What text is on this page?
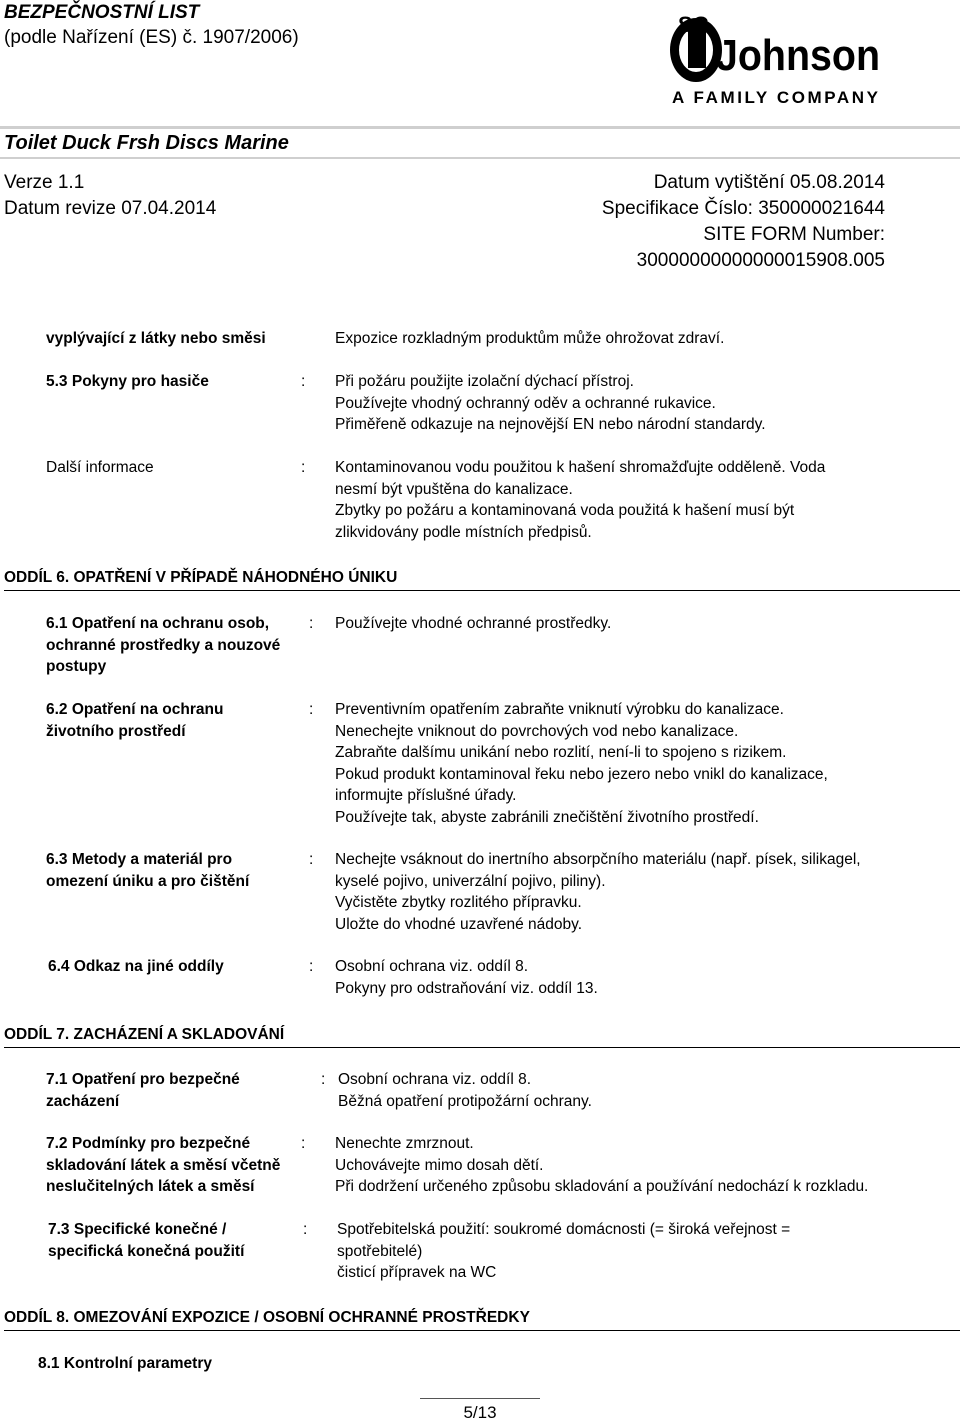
BEZPEČNOSTNÍ LIST
(podle Nařízení (ES) č. 1907/2006)
SC
Johnson
A FAMILY COMPANY
Toilet Duck Frsh Discs Marine
Verze 1.1
Datum revize 07.04.2014
Datum vytištění 05.08.2014
Specifikace Číslo: 350000021644
SITE FORM Number:
30000000000000015908.005
vyplývající z látky nebo směsi	Expozice rozkladným produktům může ohrožovat zdraví.
5.3 Pokyny pro hasiče	: Při požáru použijte izolační dýchací přístroj.
Používejte vhodný ochranný oděv a ochranné rukavice.
Přiměřeně odkazuje na nejnovější EN nebo národní standardy.
Další informace	: Kontaminovanou vodu použitou k hašení shromažďujte odděleně. Voda
nesmí být vpuštěna do kanalizace.
Zbytky po požáru a kontaminovaná voda použitá k hašení musí být
zlikvidovány podle místních předpisů.
ODDÍL 6. OPATŘENÍ V PŘÍPADĚ NÁHODNÉHO ÚNIKU
6.1 Opatření na ochranu osob,
ochranné prostředky a nouzové
postupy
: Používejte vhodné ochranné prostředky.
6.2 Opatření na ochranu
životního prostředí
: Preventivním opatřením zabraňte vniknutí výrobku do kanalizace.
Nenechejte vniknout do povrchových vod nebo kanalizace.
Zabraňte dalšímu unikání nebo rozlití, není-li to spojeno s rizikem.
Pokud produkt kontaminoval řeku nebo jezero nebo vnikl do kanalizace,
informujte příslušné úřady.
Používejte tak, abyste zabránili znečištění životního prostředí.
6.3 Metody a materiál pro
omezení úniku a pro čištění
: Nechejte vsáknout do inertního absorpčního materiálu (např. písek, silikagel,
kyselé pojivo, univerzální pojivo, piliny).
Vyčistěte zbytky rozlitého přípravku.
Uložte do vhodné uzavřené nádoby.
6.4 Odkaz na jiné oddíly	: Osobní ochrana viz. oddíl 8.
Pokyny pro odstraňování viz. oddíl 13.
ODDÍL 7. ZACHÁZENÍ A SKLADOVÁNÍ
7.1 Opatření pro bezpečné
zacházení
: Osobní ochrana viz. oddíl 8.
Běžná opatření protipožární ochrany.
7.2 Podmínky pro bezpečné
skladování látek a směsí včetně
neslučitelných látek a směsí
: Nenechte zmrznout.
Uchovávejte mimo dosah dětí.
Při dodržení určeného způsobu skladování a používání nedochází k rozkladu.
7.3 Specifické konečné /
specifická konečná použití
: Spotřebitelská použití: soukromé domácnosti (= široká veřejnost =
spotřebitelé)
čisticí přípravek na WC
ODDÍL 8. OMEZOVÁNÍ EXPOZICE / OSOBNÍ OCHRANNÉ PROSTŘEDKY
8.1 Kontrolní parametry
5/13
